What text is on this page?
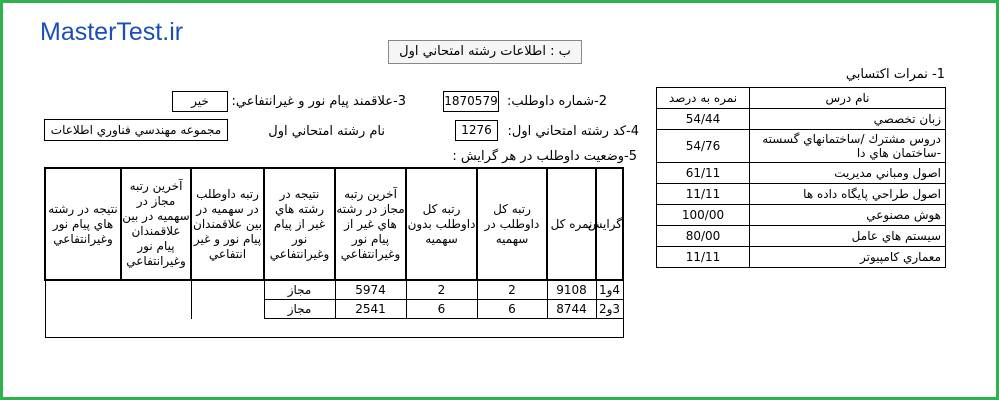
MasterTest.ir
ب : اطلاعات رشته امتحاني اول
1- نمرات اكتسابي
2-شماره داوطلب:
1870579
3-علاقمند پيام نور و غيرانتفاعي:
خير
4-كد رشته امتحاني اول:
1276
نام رشته امتحاني اول
مجموعه مهندسي فناوري اطلاعات
5-وضعيت داوطلب در هر گرايش :
نام درس	نمره به درصد
زبان تخصصي	54/44
دروس مشترك /ساختمانهاي گسسته -ساختمان هاي دا	54/76
اصول ومباني مديريت	61/11
اصول طراحي پايگاه داده ها	11/11
هوش مصنوعي	100/00
سيستم هاي عامل	80/00
معماري كامپيوتر	11/11
گرايش	نمره كل	رتبه كل داوطلب در سهميه	رتبه كل داوطلب بدون سهميه	آخرين رتبه مجاز در رشته هاي غير از پيام نور وغيرانتفاعي	نتيجه در رشته هاي غير از پيام نور وغيرانتفاعي	رتبه داوطلب در سهميه در بين علاقمندان پيام نور و غير انتفاعي	آخرين رتبه مجاز در سهميه در بين علاقمندان پيام نور وغيرانتفاعي	نتيجه در رشته هاي پيام نور وغيرانتفاعي
4و1	9108	2	2	5974	مجاز			
3و2	8744	6	6	2541	مجاز			
